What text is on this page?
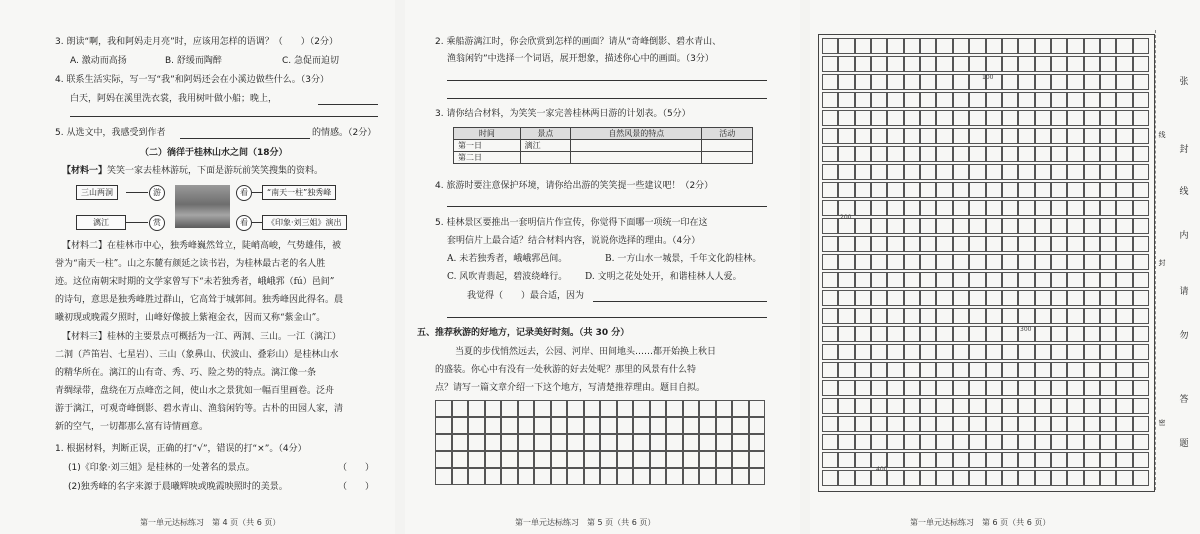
3. 朗读“啊，我和阿妈走月亮”时，应该用怎样的语调？（　　）（2分）
A. 激动而高扬	B. 舒缓而陶醉	C. 急促而迫切
4. 联系生活实际，写一写“我”和阿妈还会在小溪边做些什么。（3分）
白天，阿妈在溪里洗衣裳，我用树叶做小船；晚上，
5. 从选文中，我感受到作者	的情感。（2分）
（二）徜徉于桂林山水之间（18分）
【材料一】笑笑一家去桂林游玩，下面是游玩前笑笑搜集的资料。
三山两洞	游	看	“南天一柱”独秀峰
漓江	赏	看	《印象·刘三姐》演出
【材料二】在桂林市中心，独秀峰巍然耸立，陡峭高峻，气势雄伟，被
誉为“南天一柱”。山之东麓有颜延之读书岩，为桂林最古老的名人胜
迹。这位南朝宋时期的文学家曾写下“未若独秀者，峨峨郛（fú）邑间”
的诗句，意思是独秀峰胜过群山，它高耸于城郭间。独秀峰因此得名。晨
曦初现或晚霞夕照时，山峰好像披上紫袍金衣，因而又称“紫金山”。
【材料三】桂林的主要景点可概括为一江、两洞、三山。一江（漓江）
二洞（芦笛岩、七星岩）、三山（象鼻山、伏波山、叠彩山）是桂林山水
的精华所在。漓江的山有奇、秀、巧、险之势的特点。漓江像一条
青绸绿带，盘绕在万点峰峦之间，使山水之景犹如一幅百里画卷。泛舟
游于漓江，可观奇峰倒影、碧水青山、渔翁闲钓等。古朴的田园人家，清
新的空气，一切都那么富有诗情画意。
1. 根据材料，判断正误，正确的打“√”，错误的打“×”。（4分）
(1)《印象·刘三姐》是桂林的一处著名的景点。	（　　）
(2)独秀峰的名字来源于晨曦辉映或晚霞映照时的美景。	（　　）
第一单元达标练习　第 4 页（共 6 页）
2. 乘船游漓江时，你会欣赏到怎样的画面？请从“奇峰倒影、碧水青山、
渔翁闲钓”中选择一个词语，展开想象，描述你心中的画面。（3分）
3. 请你结合材料，为笑笑一家完善桂林两日游的计划表。（5分）
时间	景点	自然风景的特点	活动
第一日	漓江		
第二日			
4. 旅游时要注意保护环境，请你给出游的笑笑提一些建议吧！（2分）
5. 桂林景区要推出一套明信片作宣传，你觉得下面哪一项统一印在这
套明信片上最合适？结合材料内容，说说你选择的理由。（4分）
A. 未若独秀者，峨峨郛邑间。	B. 一方山水一城景，千年文化韵桂林。
C. 风吹青翡起，碧波绕峰行。 D. 文明之花处处开，和谐桂林人人爱。
我觉得（　　）最合适，因为
五、推荐秋游的好地方，记录美好时刻。（共 30 分）
当夏的步伐悄然远去，公园、河岸、田间地头……都开始换上秋日
的盛装。你心中有没有一处秋游的好去处呢？那里的风景有什么特
点？请写一篇文章介绍一下这个地方，写清楚推荐理由。题目自拟。
第一单元达标练习　第 5 页（共 6 页）
100
200
300
400
线
封
密
张
封
线
内
请
勿
答
题
第一单元达标练习　第 6 页（共 6 页）
